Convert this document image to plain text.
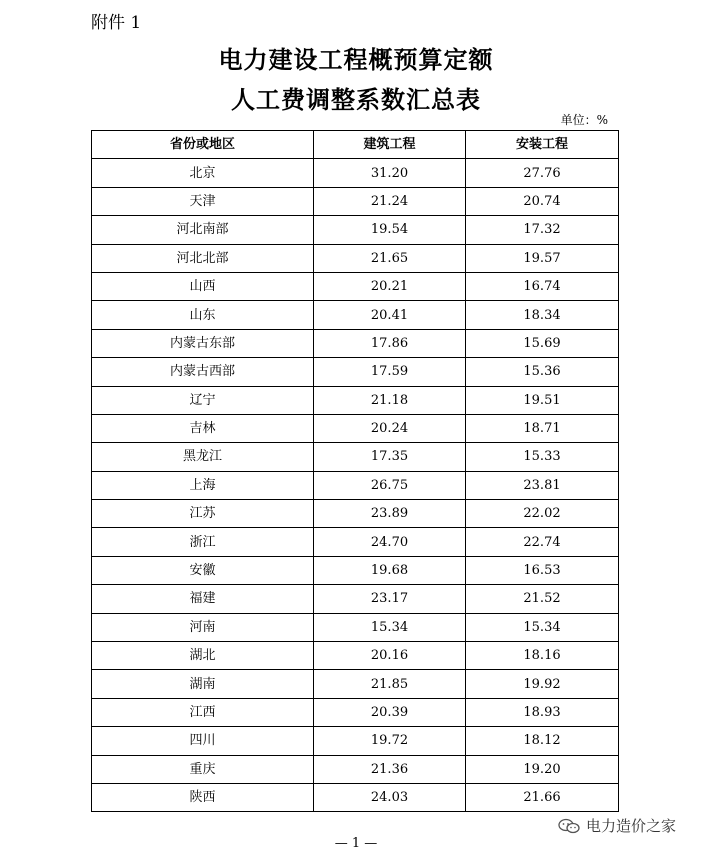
附件 1
电力建设工程概预算定额
人工费调整系数汇总表
单位：%
省份或地区	建筑工程	安装工程
北京	31.20	27.76
天津	21.24	20.74
河北南部	19.54	17.32
河北北部	21.65	19.57
山西	20.21	16.74
山东	20.41	18.34
内蒙古东部	17.86	15.69
内蒙古西部	17.59	15.36
辽宁	21.18	19.51
吉林	20.24	18.71
黑龙江	17.35	15.33
上海	26.75	23.81
江苏	23.89	22.02
浙江	24.70	22.74
安徽	19.68	16.53
福建	23.17	21.52
河南	15.34	15.34
湖北	20.16	18.16
湖南	21.85	19.92
江西	20.39	18.93
四川	19.72	18.12
重庆	21.36	19.20
陕西	24.03	21.66
电力造价之家
— 1 —
